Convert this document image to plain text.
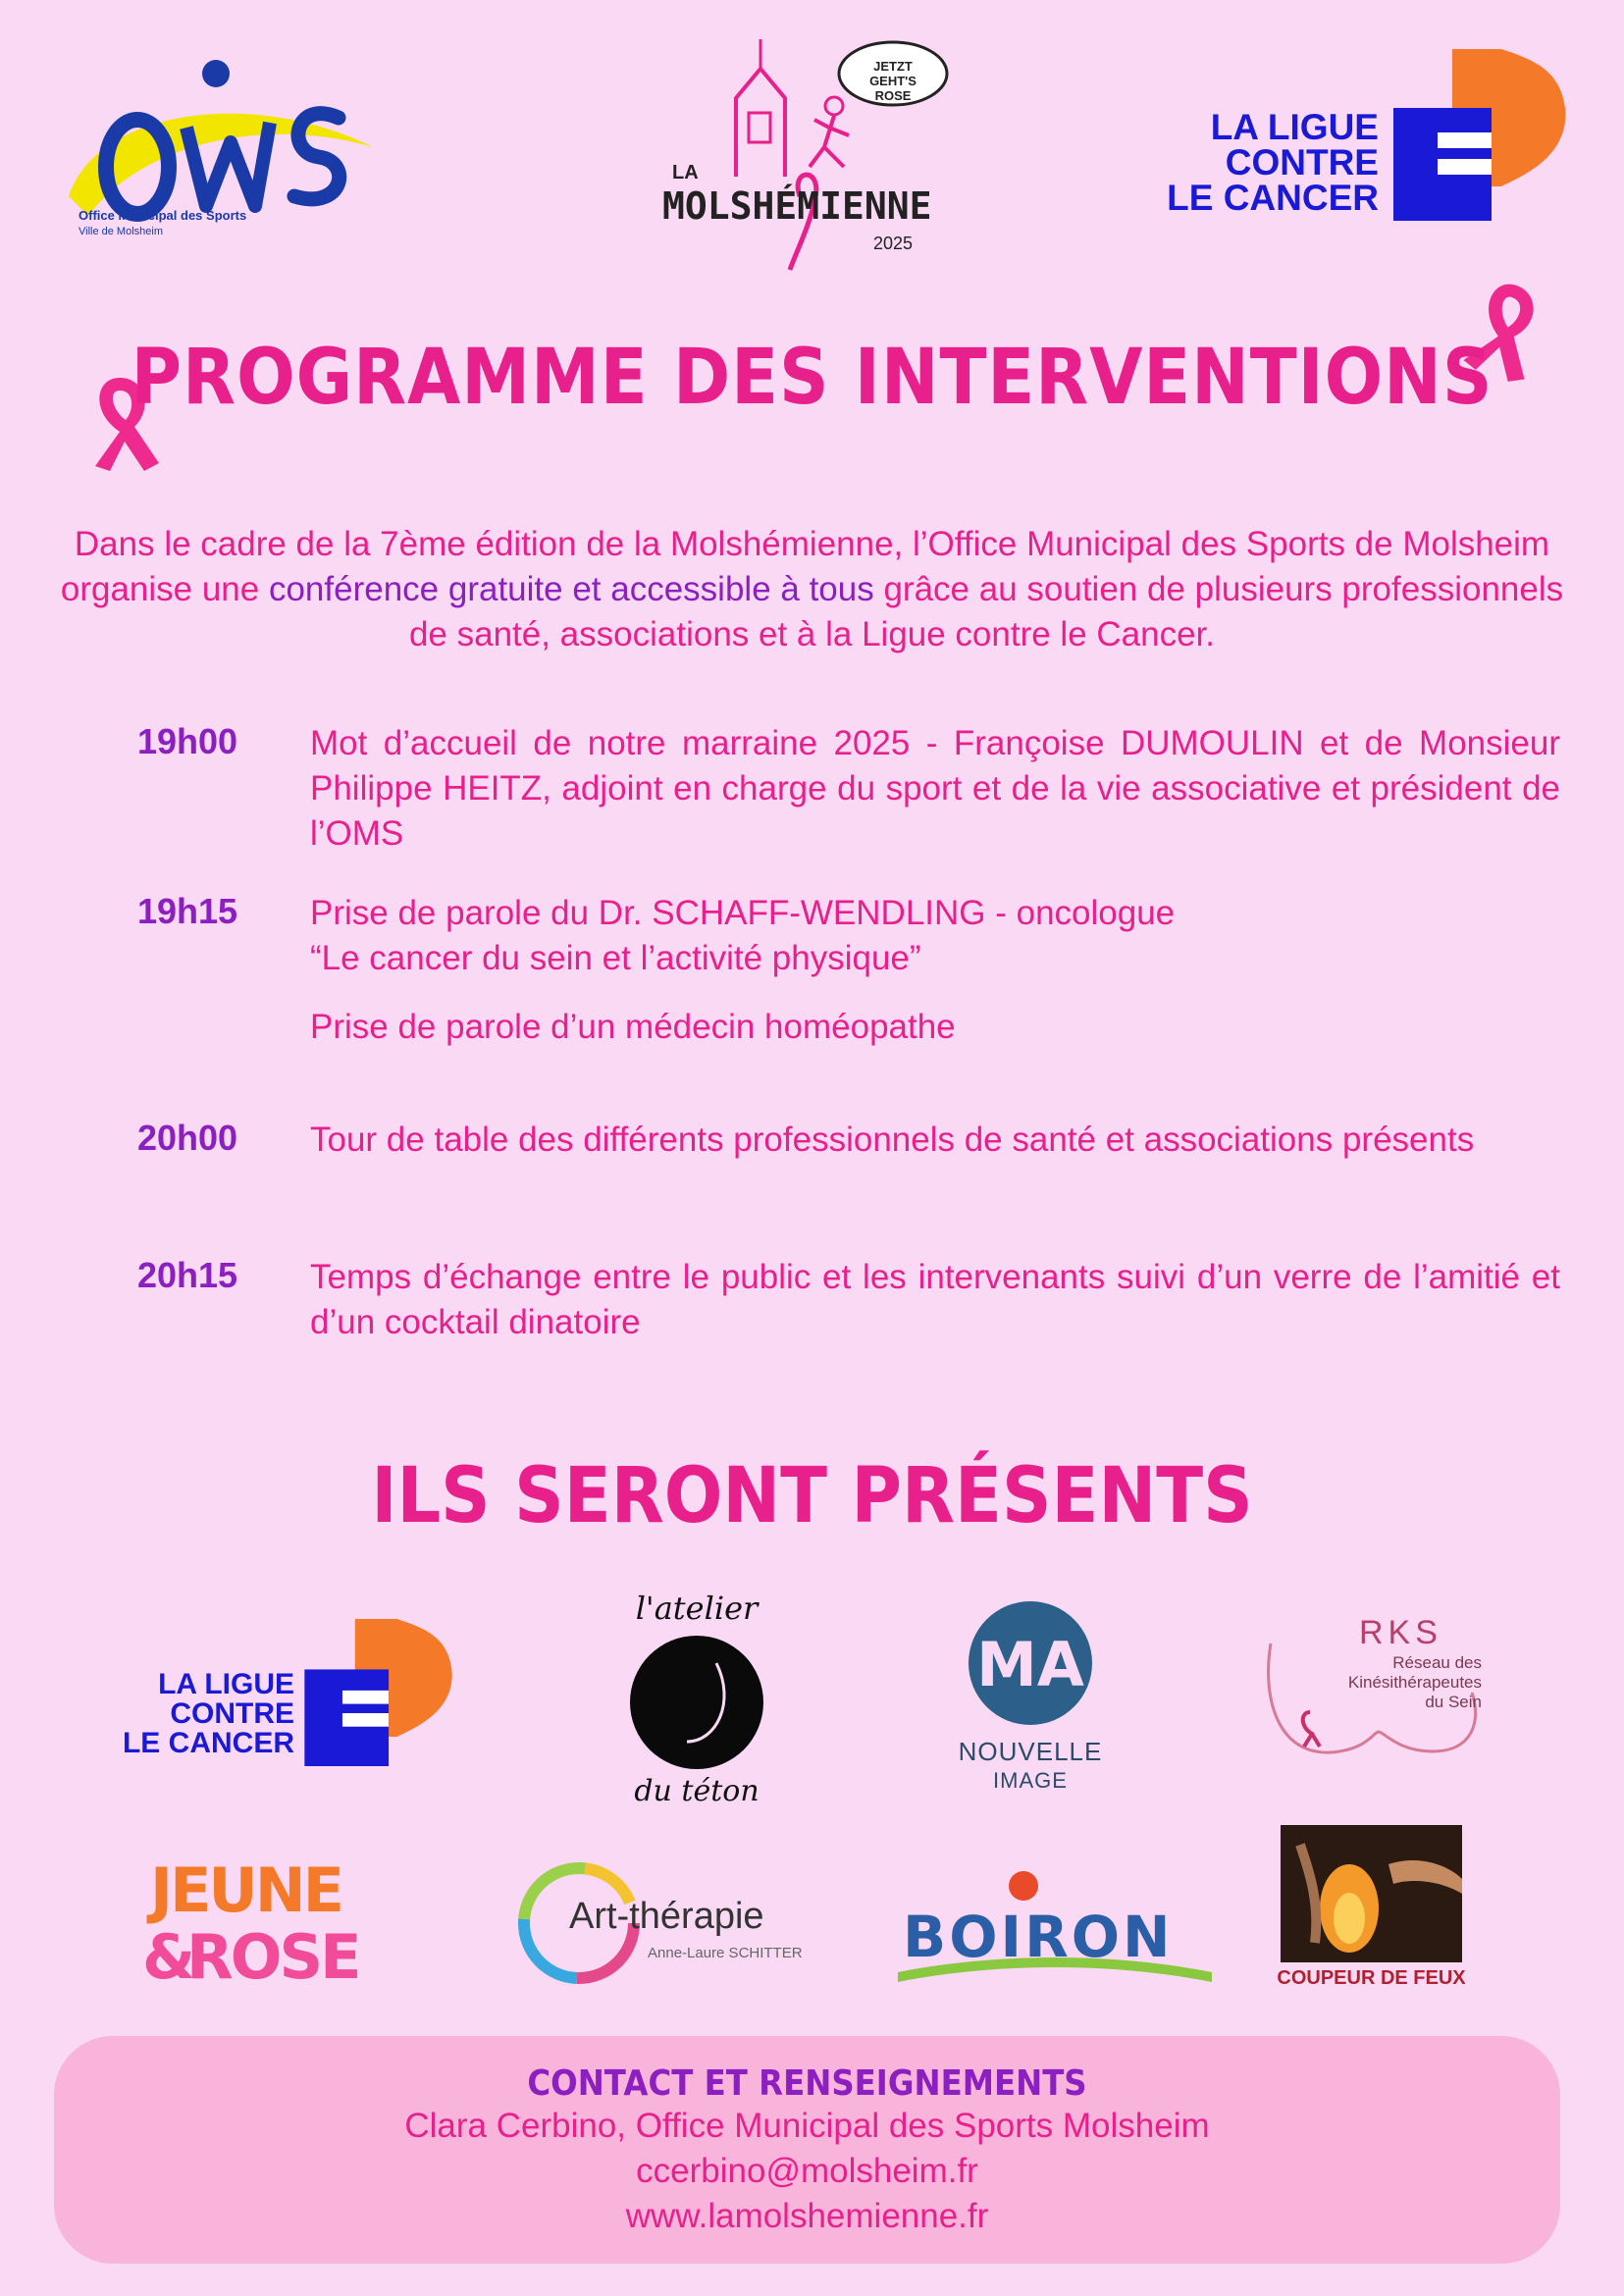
Office Municipal des Sports
Ville de Molsheim
JETZT GEHT'S ROSE
LA
MOLSHÉMIENNE
2025
LA LIGUE
CONTRE
LE CANCER
PROGRAMME DES INTERVENTIONS
Dans le cadre de la 7ème édition de la Molshémienne, l’Office Municipal des Sports de Molsheim organise une conférence gratuite et accessible à tous grâce au soutien de plusieurs professionnels de santé, associations et à la Ligue contre le Cancer.
19h00	Mot d’accueil de notre marraine 2025 - Françoise DUMOULIN et de Monsieur Philippe HEITZ, adjoint en charge du sport et de la vie associative et président de l’OMS

19h15	Prise de parole du Dr. SCHAFF-WENDLING - oncologue

“Le cancer du sein et l’activité physique”

Prise de parole d’un médecin homéopathe

20h00	Tour de table des différents professionnels de santé et associations présents

20h15	Temps d’échange entre le public et les intervenants suivi d’un verre de l’amitié et d’un cocktail dinatoire

ILS SERONT PRÉSENTS
LA LIGUE
CONTRE
LE CANCER
l'atelier
du téton
MA
NOUVELLE
IMAGE
RKS
Réseau des
Kinésithérapeutes
du Sein
JEUNE
&
ROSE
Art-thérapie
Anne-Laure SCHITTER BOIRON
COUPEUR DE FEUX
CONTACT ET RENSEIGNEMENTS
Clara Cerbino, Office Municipal des Sports Molsheim
ccerbino@molsheim.fr
www.lamolshemienne.fr
